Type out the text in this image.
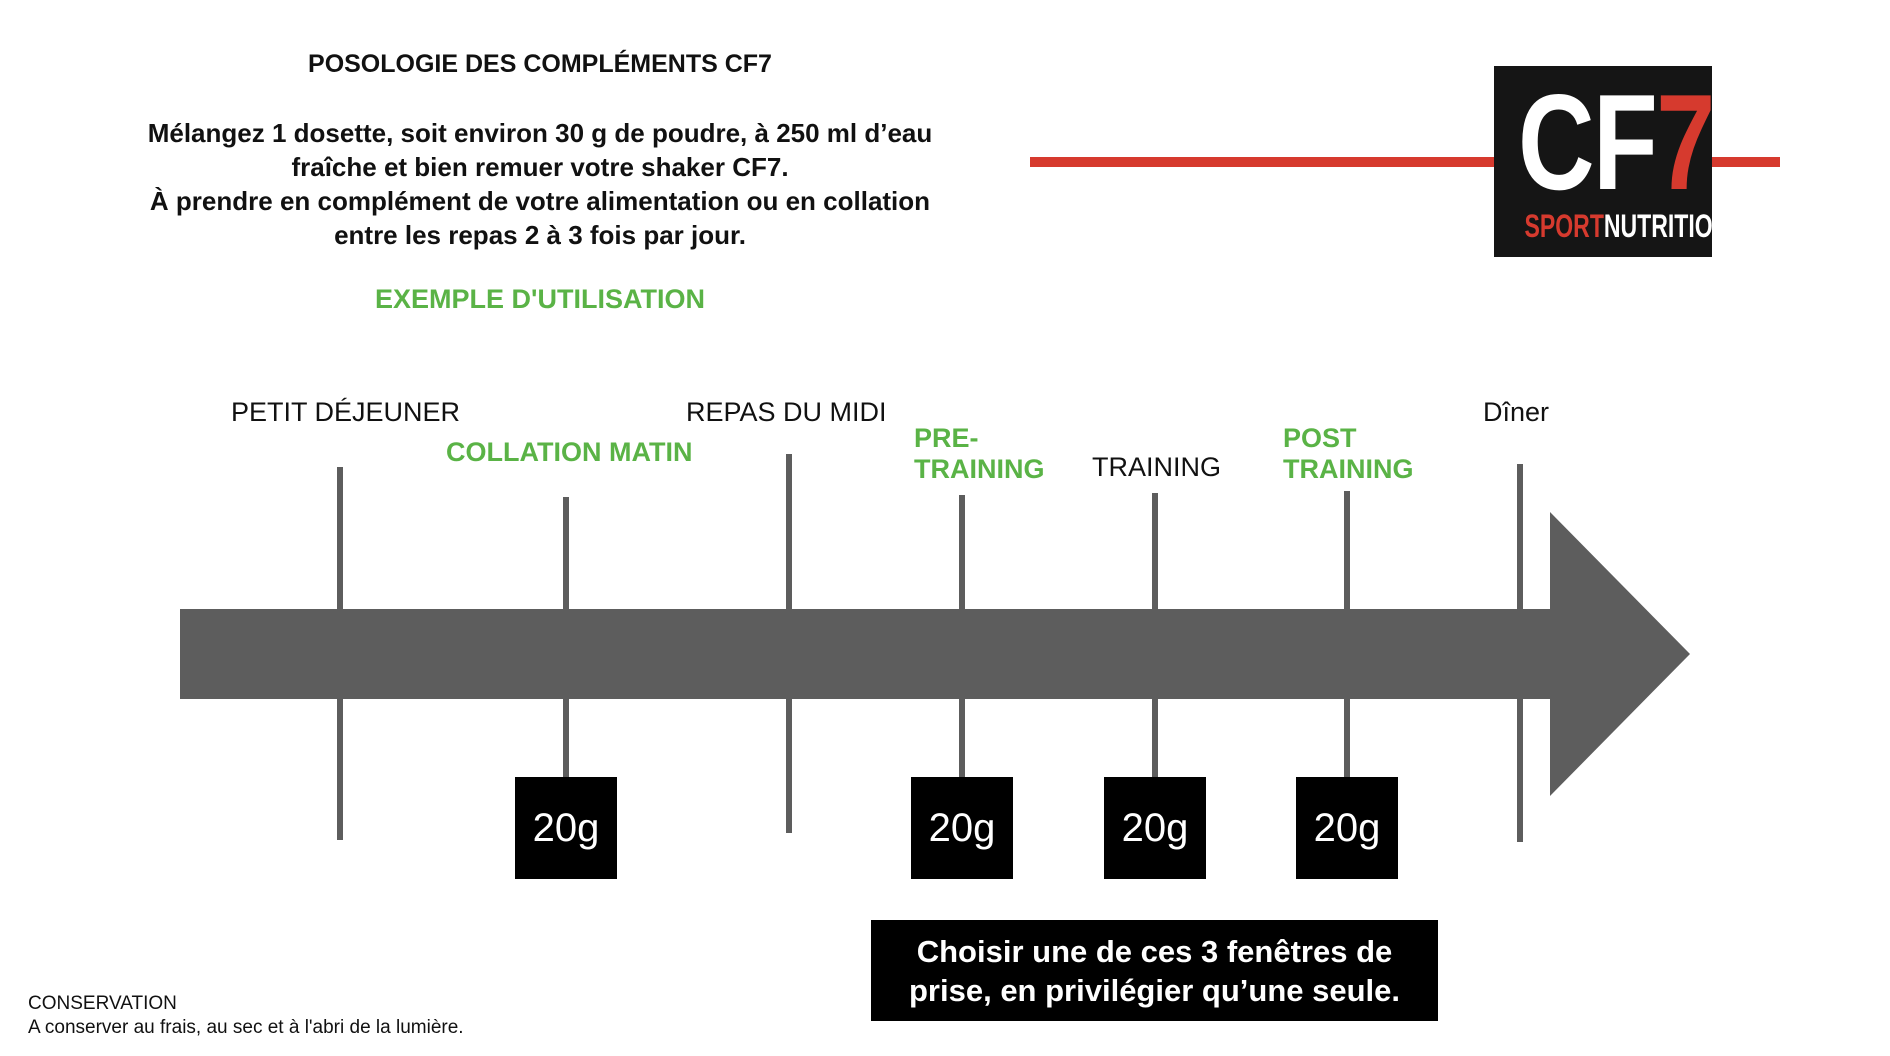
POSOLOGIE DES COMPLÉMENTS CF7
Mélangez 1 dosette, soit environ 30 g de poudre, à 250 ml d’eau
fraîche et bien remuer votre shaker CF7.
À prendre en complément de votre alimentation ou en collation
entre les repas 2 à 3 fois par jour.
EXEMPLE D'UTILISATION
CF7
SPORTNUTRITION
PETIT DÉJEUNER
COLLATION MATIN
20g
REPAS DU MIDI
PRE-
TRAINING
20g
TRAINING
20g
POST
TRAINING
20g
Dîner
Choisir une de ces 3 fenêtres de
prise, en privilégier qu’une seule.
CONSERVATION
A conserver au frais, au sec et à l'abri de la lumière.
